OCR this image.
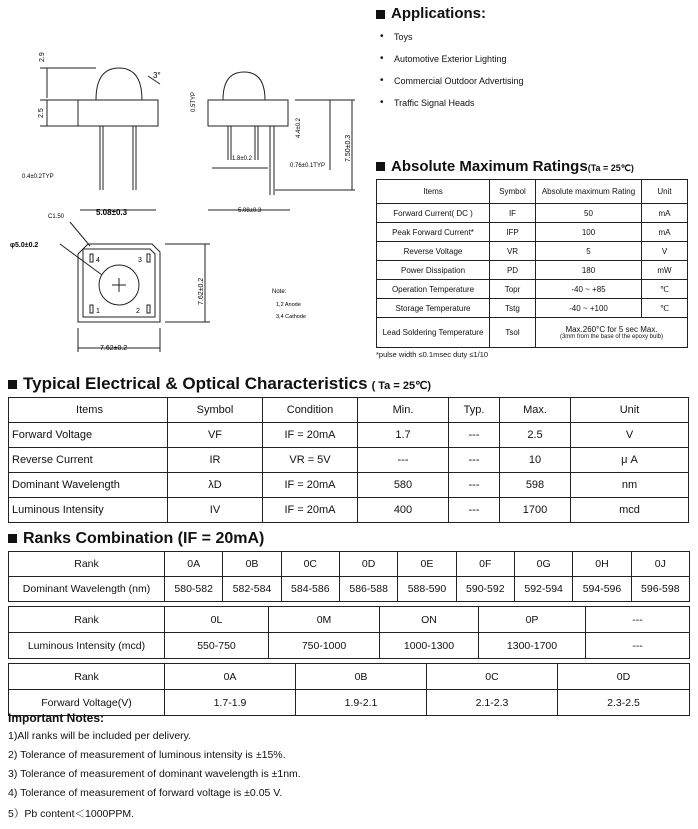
2.9
3°
2.5
0.4±0.2TYP
5.08±0.3
0.5TYP
4.4±0.2
7.50±0.3
1.8±0.2
0.76±0.1TYP
5.08±0.3
C1.50
φ5.0±0.2
4	3
1	2
7.62±0.2
7.62±0.2
Note:
1,2 Anode
3,4 Cathode
Applications:
• Toys
• Automotive Exterior Lighting
• Commercial Outdoor Advertising
• Traffic Signal Heads
Absolute Maximum Ratings(Ta = 25℃)
Items	Symbol	Absolute maximum Rating	Unit
Forward Current( DC )	IF	50	mA
Peak Forward Current*	IFP	100	mA
Reverse Voltage	VR	5	V
Power Dissipation	PD	180	mW
Operation Temperature	Topr	-40 ~ +85	℃
Storage Temperature	Tstg	-40 ~ +100	℃
Lead Soldering Temperature	Tsol	Max.260°C for 5 sec Max.
(3mm from the base of the epoxy bulb)	
*pulse width ≤0.1msec duty ≤1/10
Typical Electrical & Optical Characteristics ( Ta = 25℃)
Items	Symbol	Condition	Min.	Typ.	Max.	Unit
Forward Voltage	VF	IF = 20mA	1.7	---	2.5	V
Reverse Current	IR	VR = 5V	---	---	10	μ A
Dominant Wavelength	λD	IF = 20mA	580	---	598	nm
Luminous Intensity	IV	IF = 20mA	400	---	1700	mcd
Ranks Combination (IF = 20mA)
Rank	0A	0B	0C	0D	0E	0F	0G	0H	0J
Dominant Wavelength (nm)	580-582	582-584	584-586	586-588	588-590	590-592	592-594	594-596	596-598
Rank	0L	0M	ON	0P	---
Luminous Intensity (mcd)	550-750	750-1000	1000-1300	1300-1700	---
Rank	0A	0B	0C	0D
Forward Voltage(V)	1.7-1.9	1.9-2.1	2.1-2.3	2.3-2.5
Important Notes:
1)All ranks will be included per delivery.
2) Tolerance of measurement of luminous intensity is ±15%.
3) Tolerance of measurement of dominant wavelength is ±1nm.
4) Tolerance of measurement of forward voltage is ±0.05 V.
5）Pb content＜1000PPM.
